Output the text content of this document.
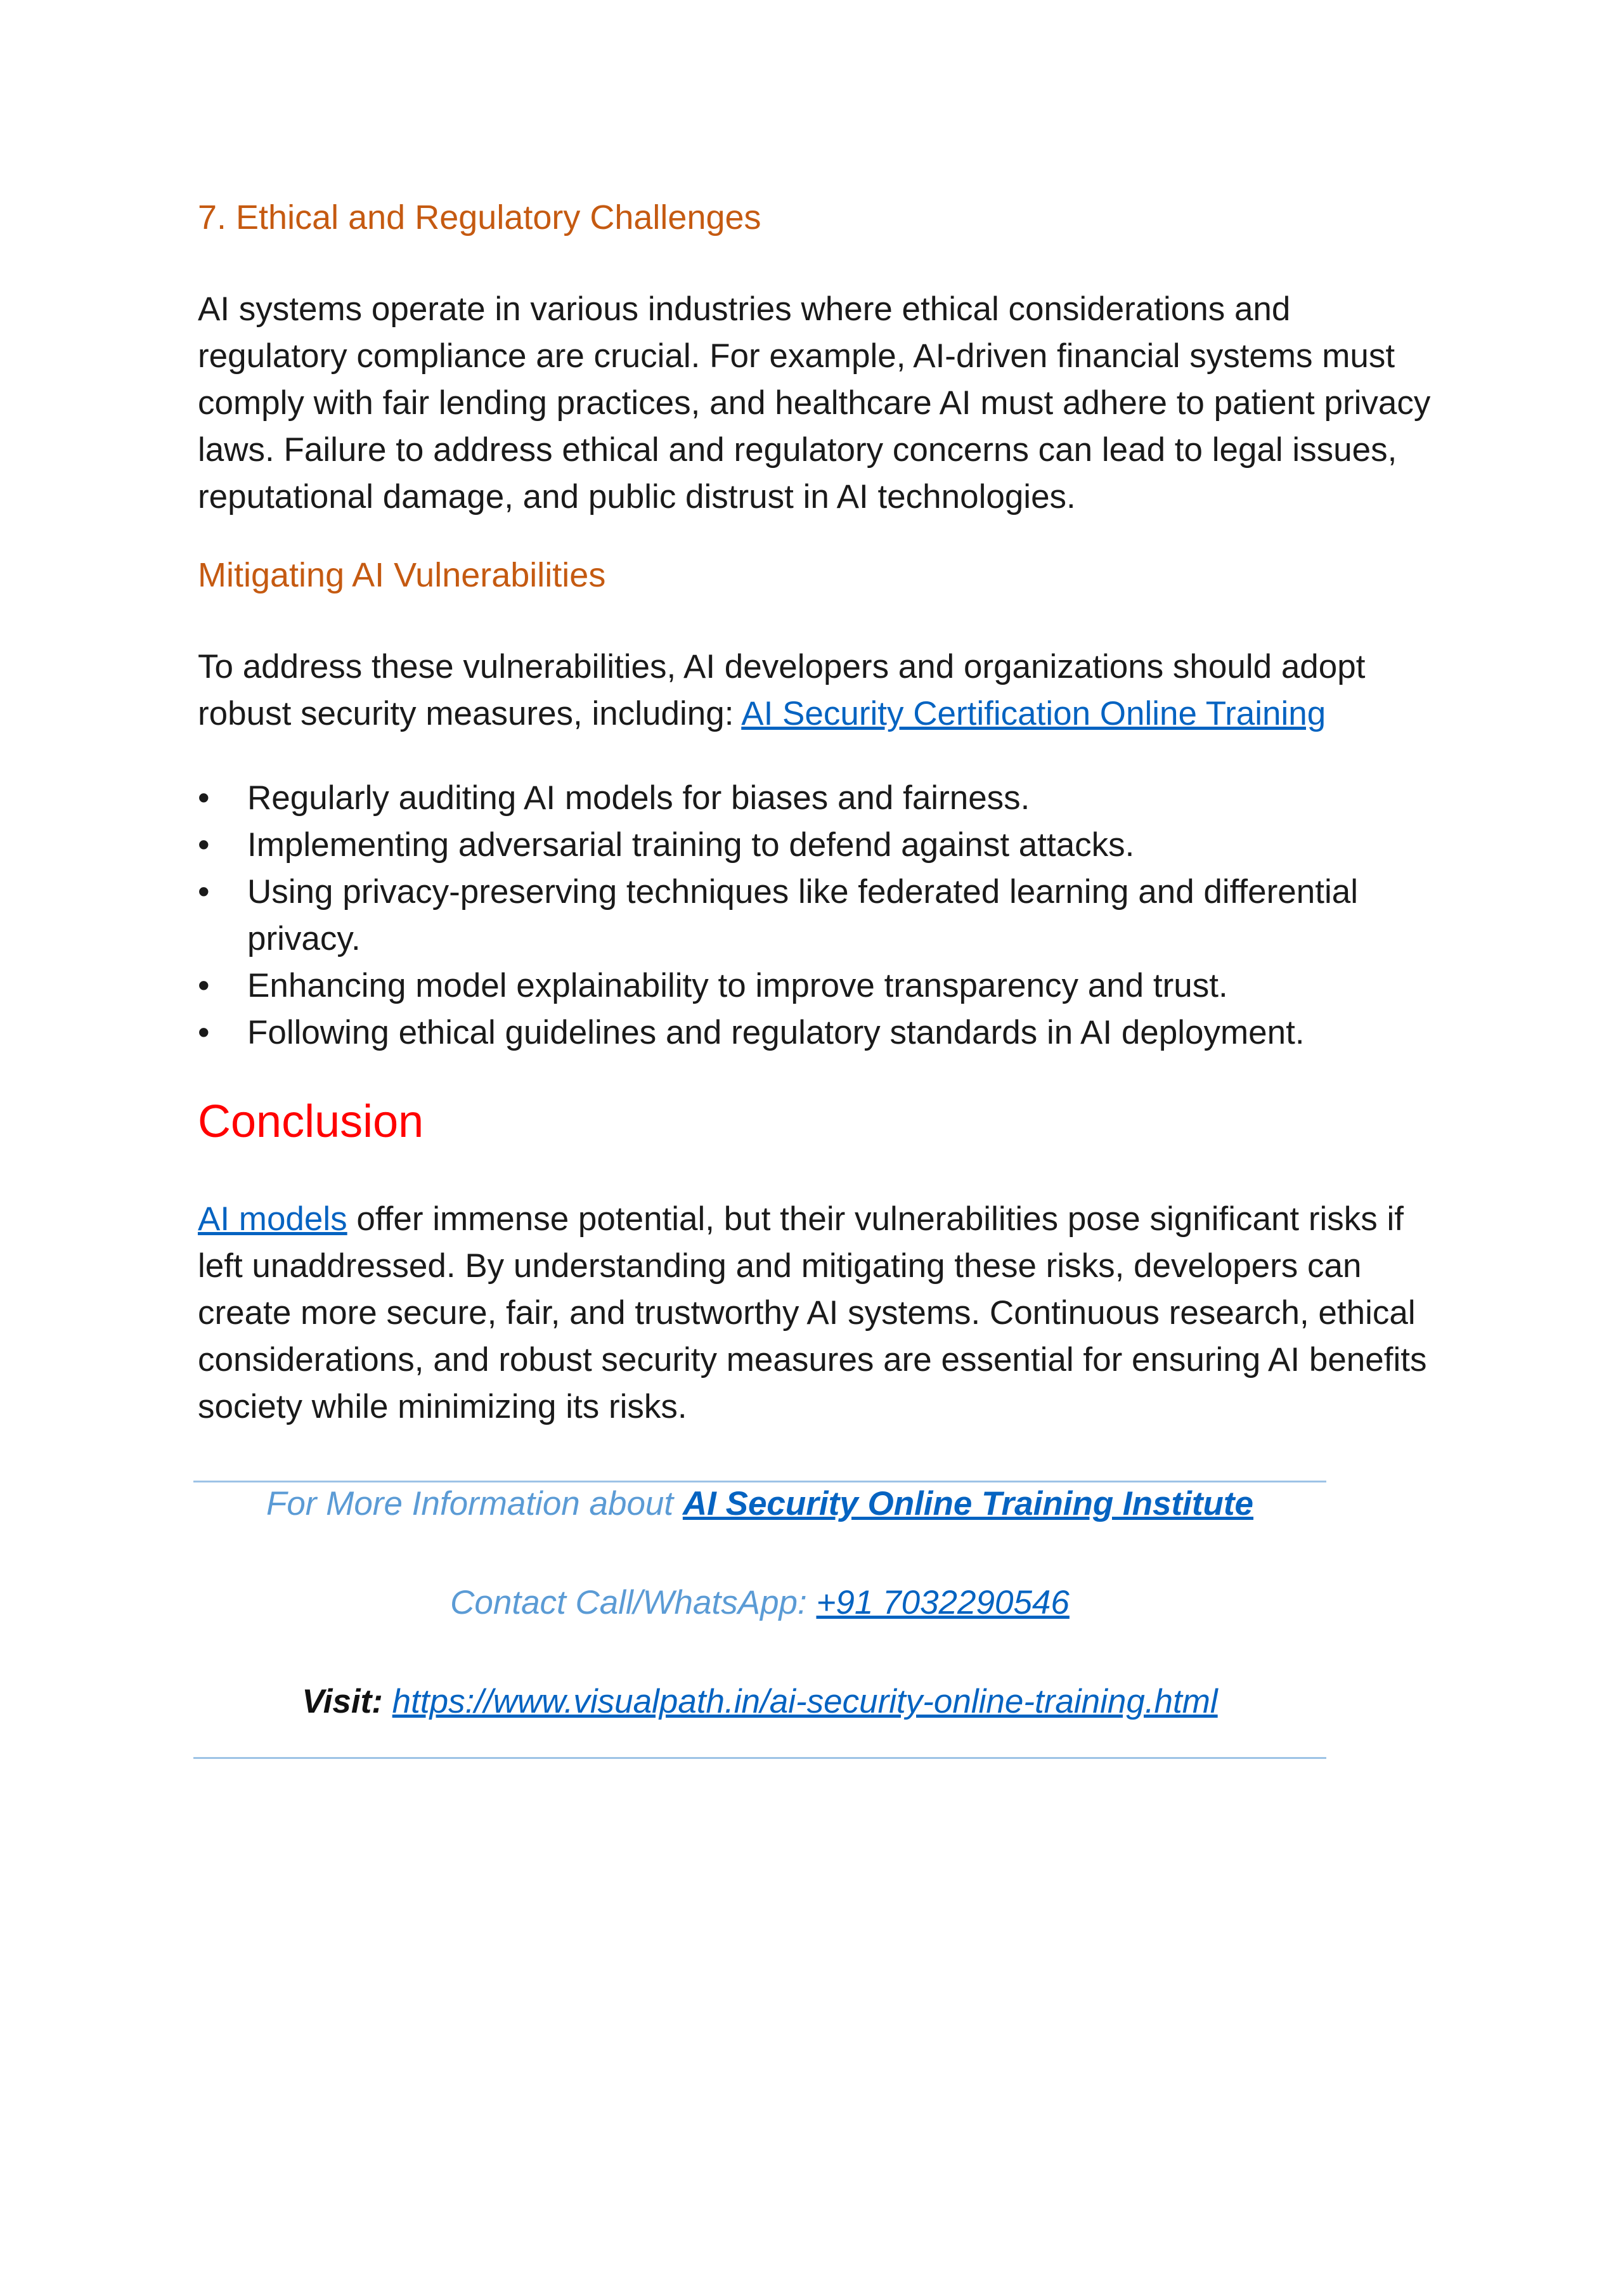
7. Ethical and Regulatory Challenges

AI systems operate in various industries where ethical considerations and regulatory compliance are crucial. For example, AI-driven financial systems must comply with fair lending practices, and healthcare AI must adhere to patient privacy laws. Failure to address ethical and regulatory concerns can lead to legal issues, reputational damage, and public distrust in AI technologies.

Mitigating AI Vulnerabilities

To address these vulnerabilities, AI developers and organizations should adopt robust security measures, including: AI Security Certification Online Training

• Regularly auditing AI models for biases and fairness.
• Implementing adversarial training to defend against attacks.
• Using privacy-preserving techniques like federated learning and differential privacy.
• Enhancing model explainability to improve transparency and trust.
• Following ethical guidelines and regulatory standards in AI deployment.
Conclusion

AI models offer immense potential, but their vulnerabilities pose significant risks if left unaddressed. By understanding and mitigating these risks, developers can create more secure, fair, and trustworthy AI systems. Continuous research, ethical considerations, and robust security measures are essential for ensuring AI benefits society while minimizing its risks.

For More Information about AI Security Online Training Institute

Contact Call/WhatsApp: +91 7032290546

Visit: https://www.visualpath.in/ai-security-online-training.html
